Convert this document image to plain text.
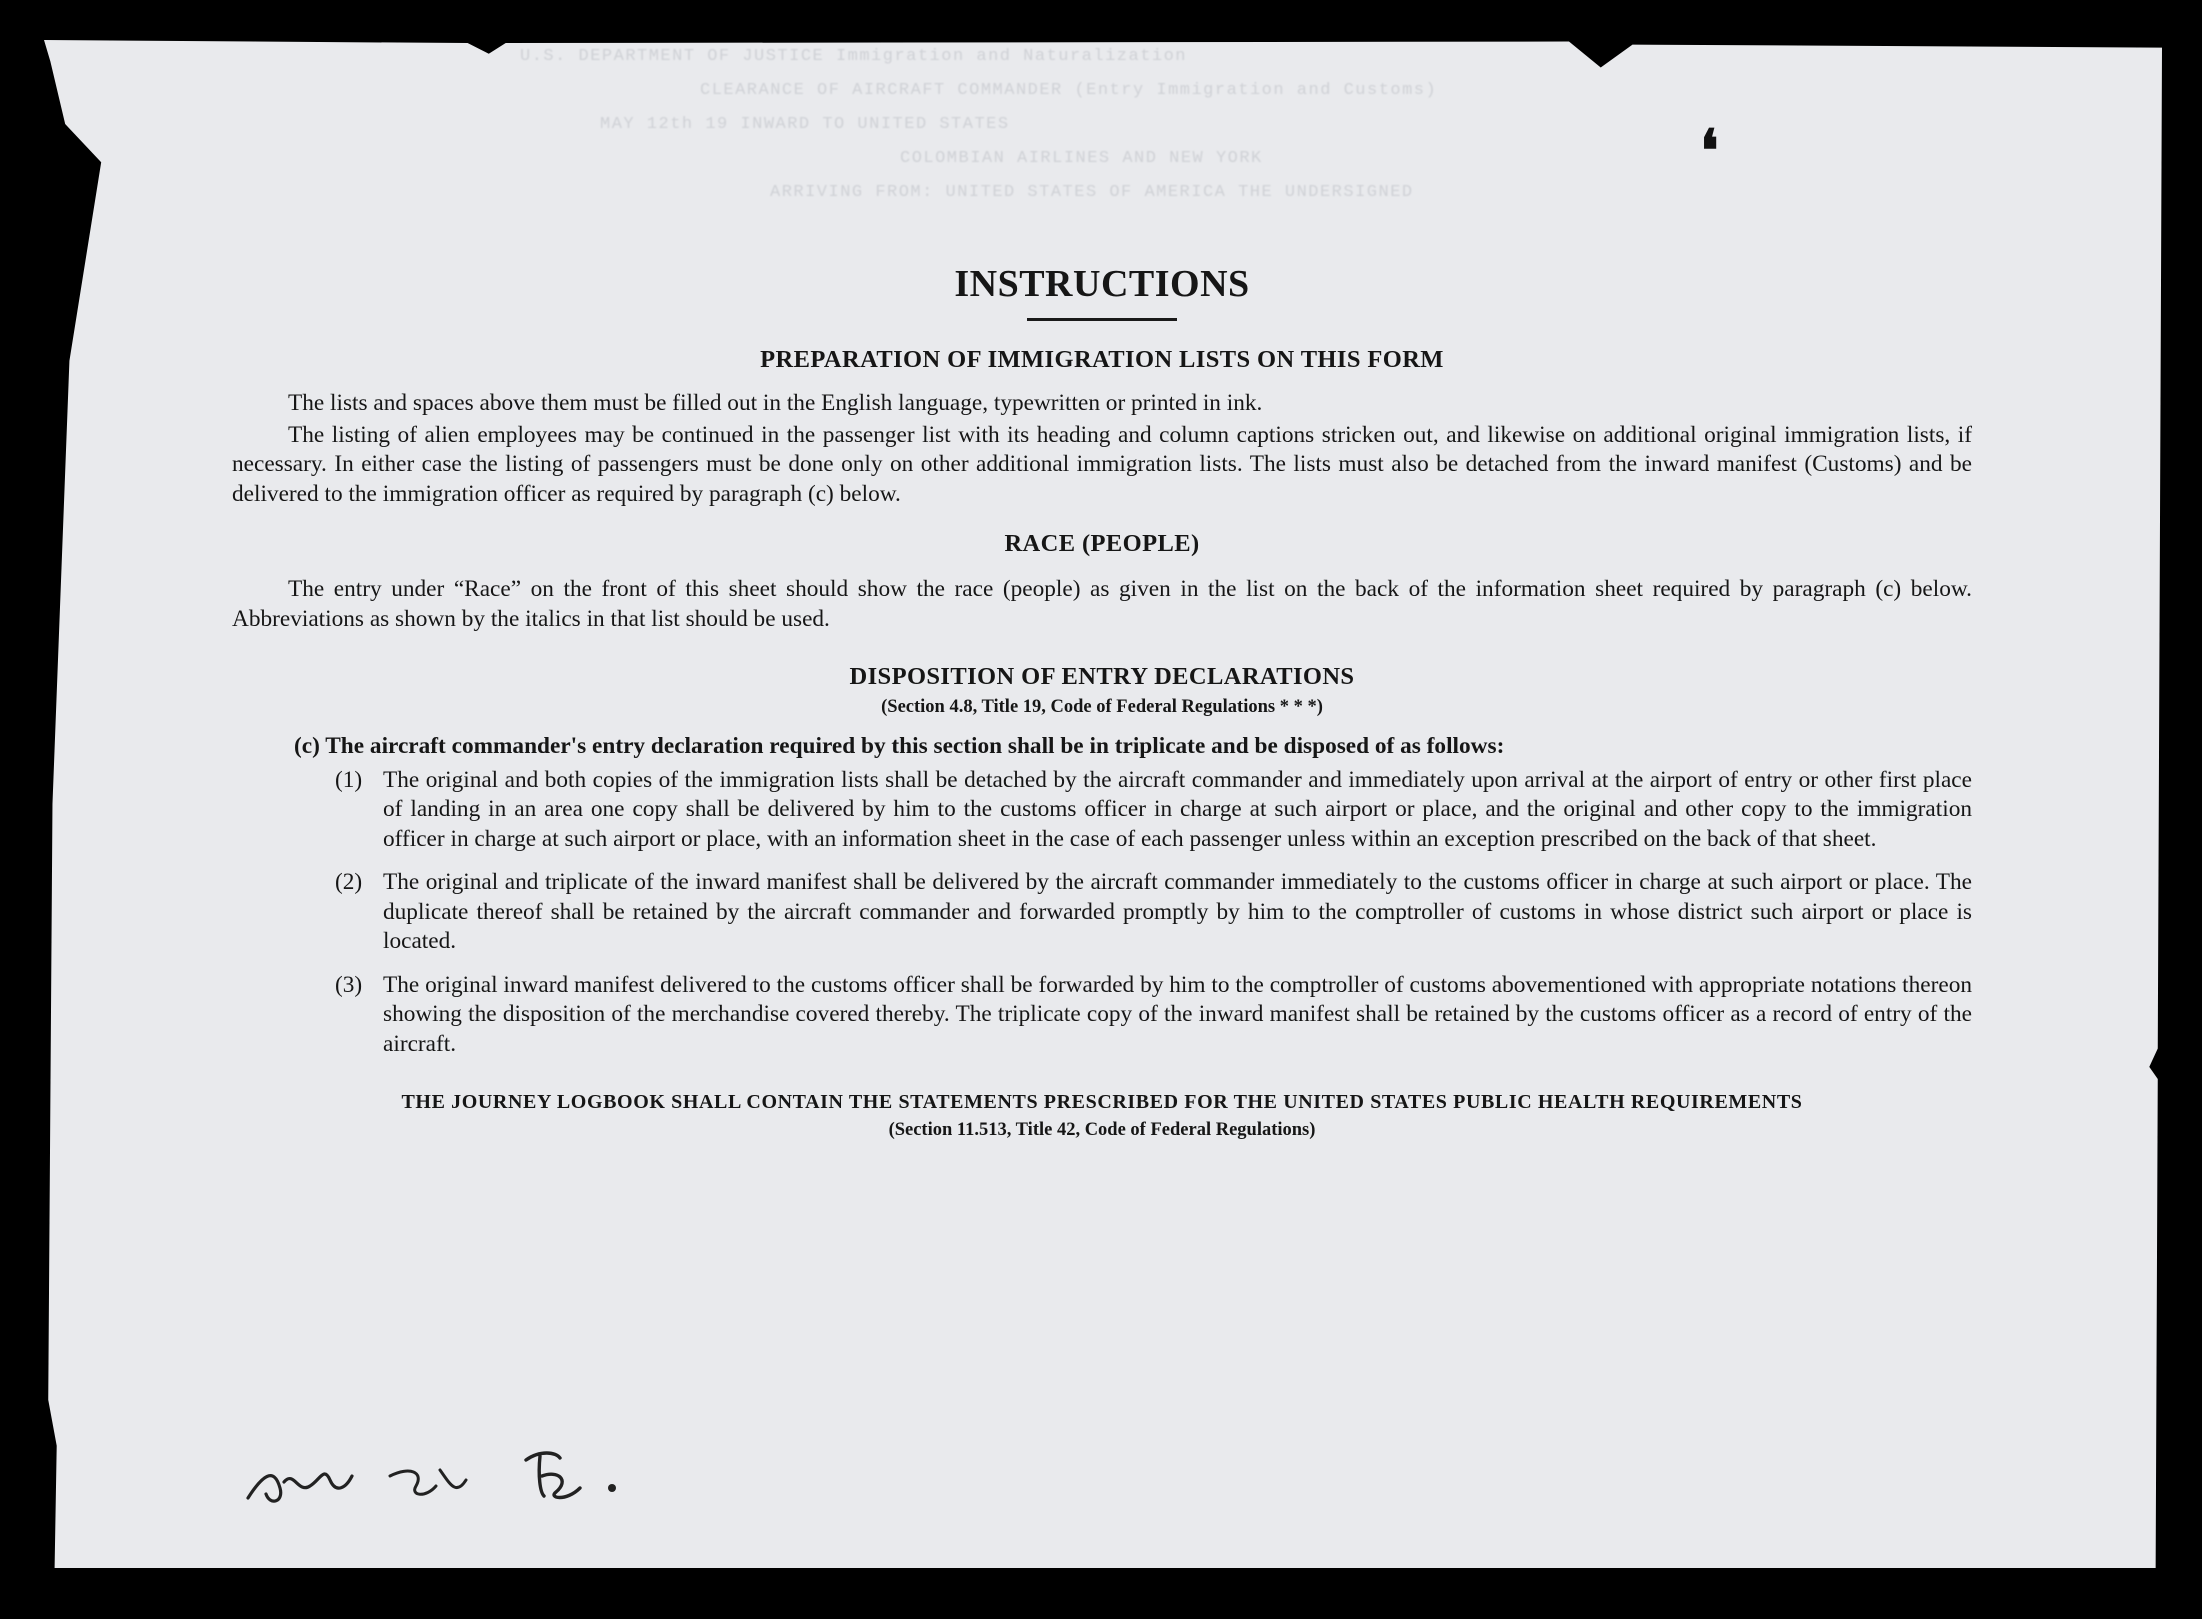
U.S. DEPARTMENT OF JUSTICE Immigration and Naturalization
CLEARANCE OF AIRCRAFT COMMANDER (Entry Immigration and Customs)
MAY 12th 19 INWARD TO UNITED STATES
COLOMBIAN AIRLINES AND NEW YORK
ARRIVING FROM: UNITED STATES OF AMERICA THE UNDERSIGNED
❛
INSTRUCTIONS
PREPARATION OF IMMIGRATION LISTS ON THIS FORM

The lists and spaces above them must be filled out in the English language, typewritten or printed in ink.

The listing of alien employees may be continued in the passenger list with its heading and column captions stricken out, and likewise on additional original immigration lists, if necessary. In either case the listing of passengers must be done only on other additional immigration lists. The lists must also be detached from the inward manifest (Customs) and be delivered to the immigration officer as required by paragraph (c) below.

RACE (PEOPLE)

The entry under “Race” on the front of this sheet should show the race (people) as given in the list on the back of the information sheet required by paragraph (c) below. Abbreviations as shown by the italics in that list should be used.

DISPOSITION OF ENTRY DECLARATIONS
(Section 4.8, Title 19, Code of Federal Regulations * * *)
(c) The aircraft commander's entry declaration required by this section shall be in triplicate and be disposed of as follows:
(1) The original and both copies of the immigration lists shall be detached by the aircraft commander and immediately upon arrival at the airport of entry or other first place of landing in an area one copy shall be delivered by him to the customs officer in charge at such airport or place, and the original and other copy to the immigration officer in charge at such airport or place, with an information sheet in the case of each passenger unless within an exception prescribed on the back of that sheet.
(2) The original and triplicate of the inward manifest shall be delivered by the aircraft commander immediately to the customs officer in charge at such airport or place. The duplicate thereof shall be retained by the aircraft commander and forwarded promptly by him to the comptroller of customs in whose district such airport or place is located.
(3) The original inward manifest delivered to the customs officer shall be forwarded by him to the comptroller of customs abovementioned with appropriate notations thereon showing the disposition of the merchandise covered thereby. The triplicate copy of the inward manifest shall be retained by the customs officer as a record of entry of the aircraft.
THE JOURNEY LOGBOOK SHALL CONTAIN THE STATEMENTS PRESCRIBED FOR THE UNITED STATES PUBLIC HEALTH REQUIREMENTS
(Section 11.513, Title 42, Code of Federal Regulations)
